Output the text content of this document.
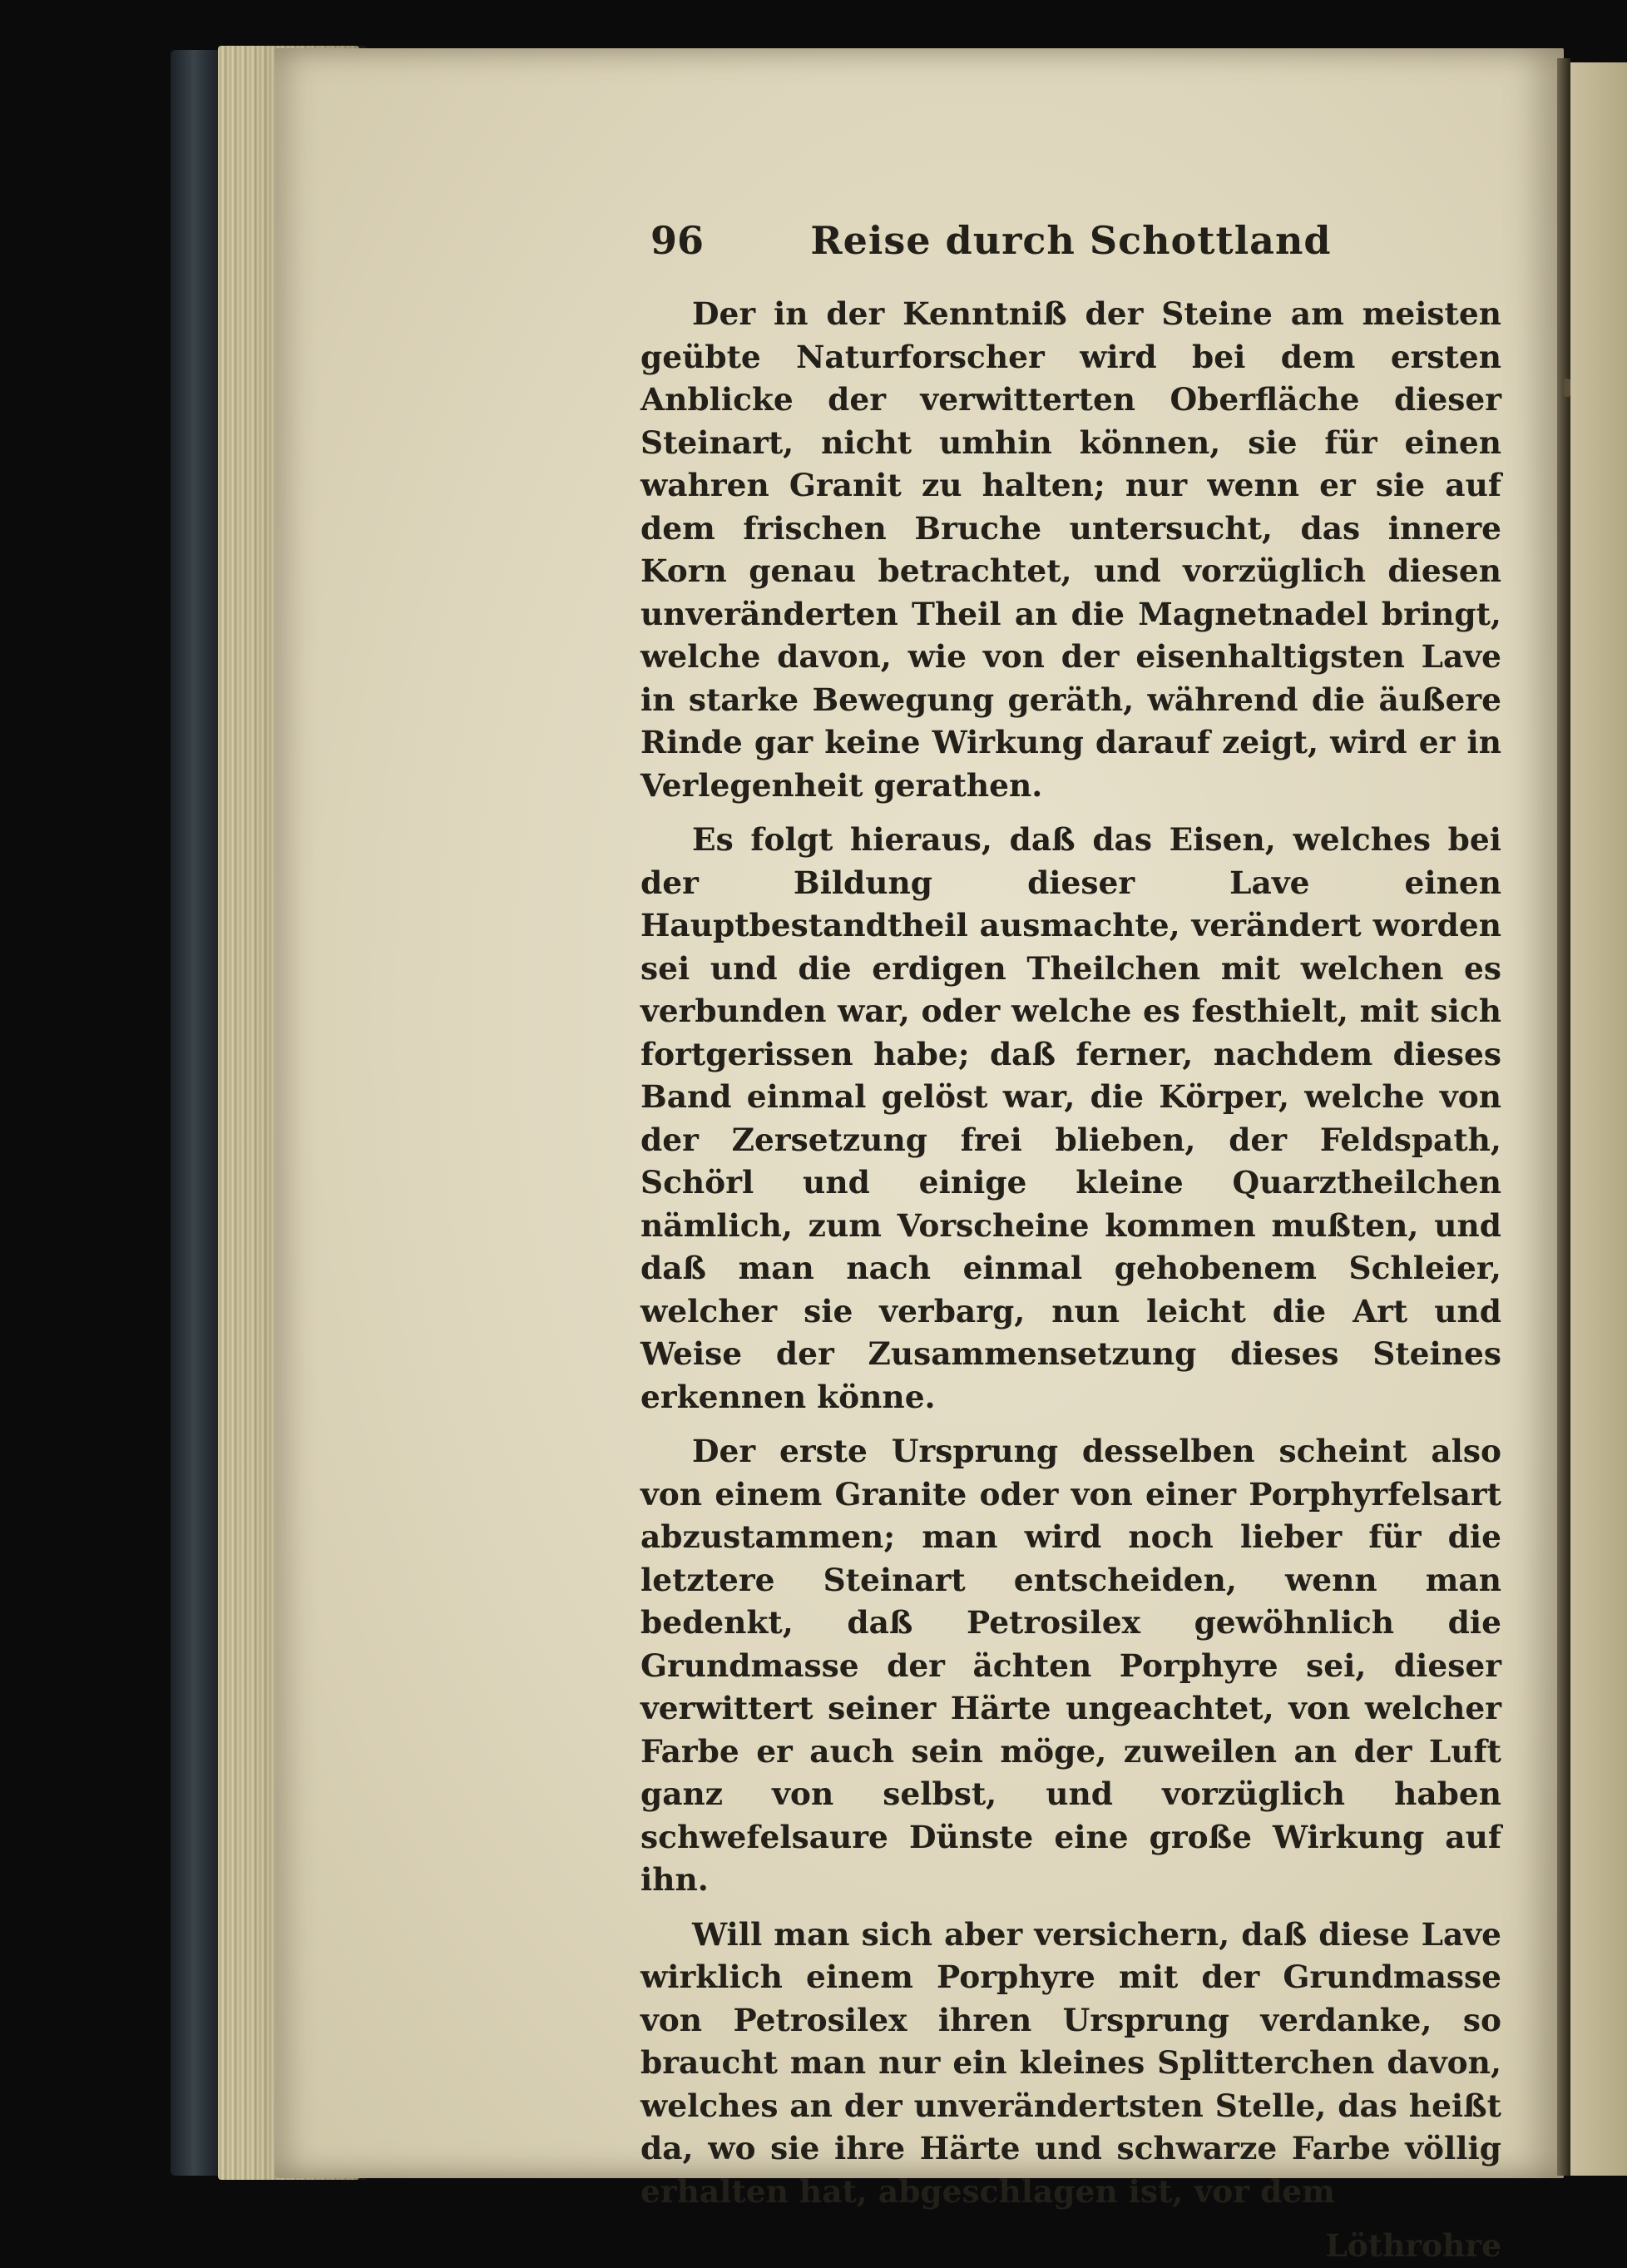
Reise durch Schottland
96

Der in der Kenntniß der Steine am meisten geübte Naturforscher wird bei dem ersten Anblicke der verwitterten Oberfläche dieser Steinart, nicht umhin können, sie für einen wahren Granit zu halten; nur wenn er sie auf dem frischen Bruche untersucht, das innere Korn genau betrachtet, und vorzüglich diesen unveränderten Theil an die Magnetnadel bringt, welche davon, wie von der eisenhaltigsten Lave in starke Bewegung geräth, während die äußere Rinde gar keine Wirkung darauf zeigt, wird er in Verlegenheit gerathen.

Es folgt hieraus, daß das Eisen, welches bei der Bildung dieser Lave einen Hauptbestandtheil ausmachte, verändert worden sei und die erdigen Theilchen mit welchen es verbunden war, oder welche es festhielt, mit sich fortgerissen habe; daß ferner, nachdem dieses Band einmal gelöst war, die Körper, welche von der Zersetzung frei blieben, der Feldspath, Schörl und einige kleine Quarztheilchen nämlich, zum Vorscheine kommen mußten, und daß man nach einmal gehobenem Schleier, welcher sie verbarg, nun leicht die Art und Weise der Zusammensetzung dieses Steines erkennen könne.

Der erste Ursprung desselben scheint also von einem Granite oder von einer Porphyrfelsart abzustammen; man wird noch lieber für die letztere Steinart entscheiden, wenn man bedenkt, daß Petrosilex gewöhnlich die Grundmasse der ächten Porphyre sei, dieser verwittert seiner Härte ungeachtet, von welcher Farbe er auch sein möge, zuweilen an der Luft ganz von selbst, und vorzüglich haben schwefelsaure Dünste eine große Wirkung auf ihn.

Will man sich aber versichern, daß diese Lave wirklich einem Porphyre mit der Grundmasse von Petrosilex ihren Ursprung verdanke, so braucht man nur ein kleines Splitterchen davon, welches an der unverändertsten Stelle, das heißt da, wo sie ihre Härte und schwarze Farbe völlig erhalten hat, abgeschlagen ist, vor dem

Löthrohre
